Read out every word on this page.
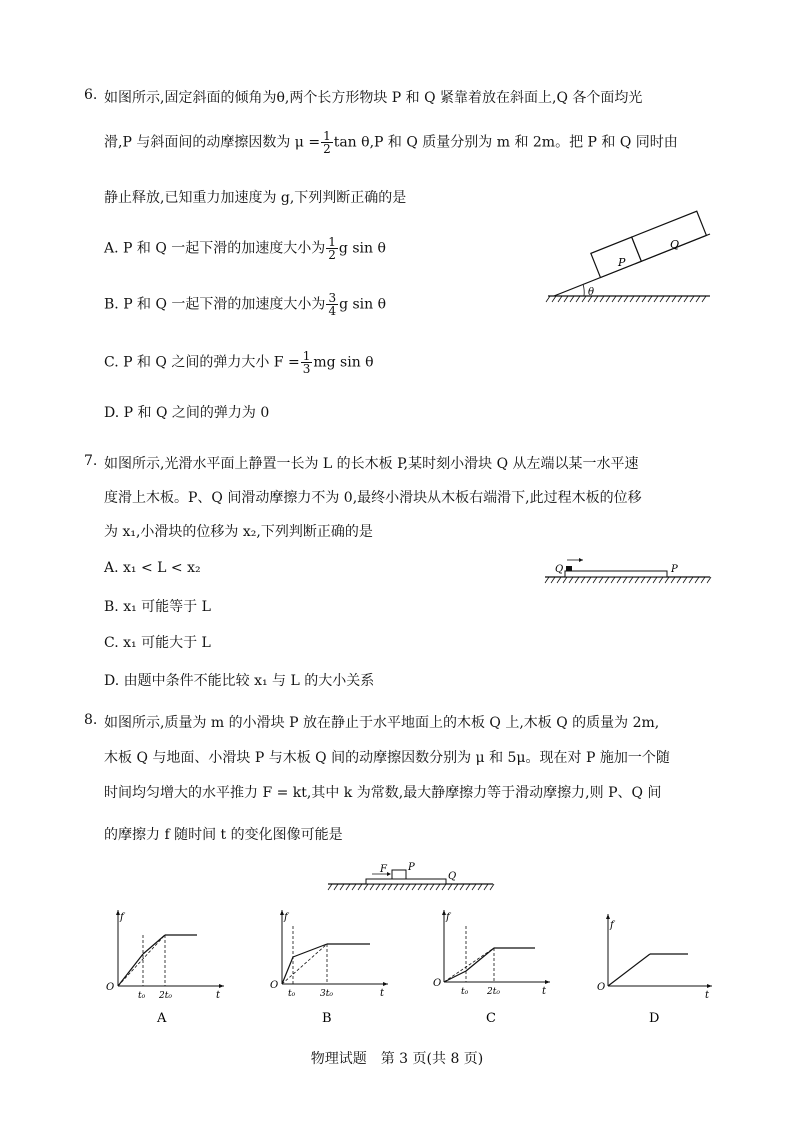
6. 如图所示,固定斜面的倾角为θ,两个长方形物块 P 和 Q 紧靠着放在斜面上,Q 各个面均光
滑,P 与斜面间的动摩擦因数为 $\mu = \frac{1}{2}$ tan θ,P 和 Q 质量分别为 m 和 2m。把 P 和 Q 同时由
静止释放,已知重力加速度为 g,下列判断正确的是
A. P 和 Q 一起下滑的加速度大小为 $\frac{1}{2}$ g sin θ
B. P 和 Q 一起下滑的加速度大小为 $\frac{3}{4}$ g sin θ
C. P 和 Q 之间的弹力大小 $F = \frac{1}{3}$ mg sin θ
D. P 和 Q 之间的弹力为 0
θ
P
Q
7. 如图所示,光滑水平面上静置一长为 L 的长木板 P,某时刻小滑块 Q 从左端以某一水平速
度滑上木板。P、Q 间滑动摩擦力不为 0,最终小滑块从木板右端滑下,此过程木板的位移
为 x₁,小滑块的位移为 x₂,下列判断正确的是
A. x₁ < L < x₂
B. x₁ 可能等于 L
C. x₁ 可能大于 L
D. 由题中条件不能比较 x₁ 与 L 的大小关系
Q	P
8. 如图所示,质量为 m 的小滑块 P 放在静止于水平地面上的木板 Q 上,木板 Q 的质量为 2m,
木板 Q 与地面、小滑块 P 与木板 Q 间的动摩擦因数分别为 μ 和 5μ。现在对 P 施加一个随
时间均匀增大的水平推力 F = kt,其中 k 为常数,最大静摩擦力等于滑动摩擦力,则 P、Q 间
的摩擦力 f 随时间 t 的变化图像可能是
F P
Q
f
O
t
t₀ 2t₀
A
f
O
t
t₀	3t₀
B
f
O
t
t₀ 2t₀
C
f
O
t
D
物理试题　第 3 页(共 8 页)
